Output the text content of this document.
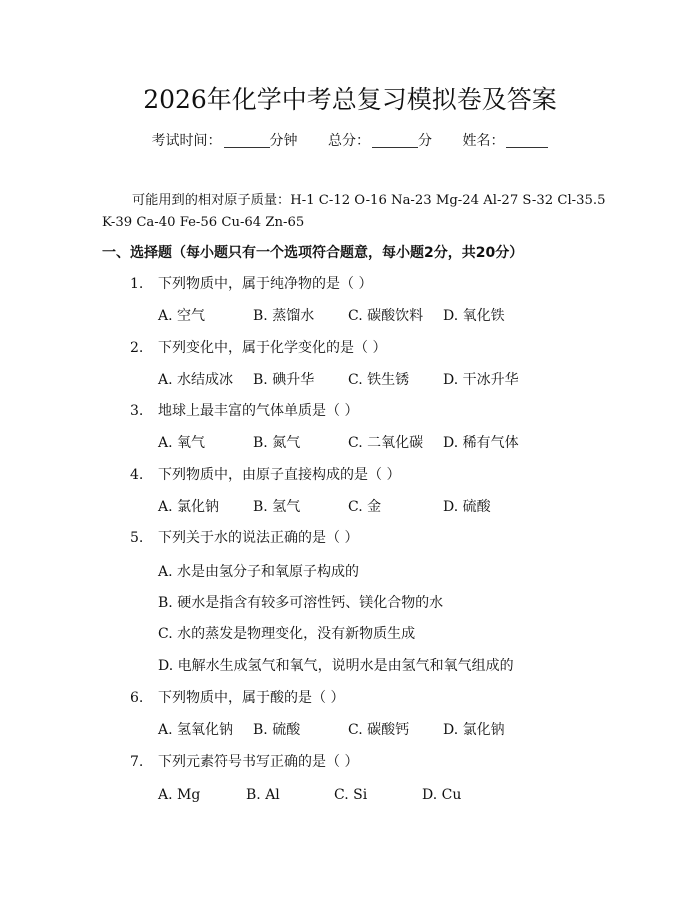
2026年化学中考总复习模拟卷及答案
考试时间：	分钟 总分：	分 姓名：
可能用到的相对原子质量：H-1 C-12 O-16 Na-23 Mg-24 Al-27 S-32 Cl-35.5 K-39 Ca-40 Fe-56 Cu-64 Zn-65
一、选择题（每小题只有一个选项符合题意，每小题2分，共20分）
1. 下列物质中，属于纯净物的是（ ）
A. 空气	B. 蒸馏水 C. 碳酸饮料 D. 氧化铁
2. 下列变化中，属于化学变化的是（ ）
A. 水结成冰 B. 碘升华 C. 铁生锈 D. 干冰升华
3. 地球上最丰富的气体单质是（ ）
A. 氧气	B. 氮气	C. 二氧化碳 D. 稀有气体
4. 下列物质中，由原子直接构成的是（ ）
A. 氯化钠 B. 氢气	C. 金	D. 硫酸
5. 下列关于水的说法正确的是（ ）
A. 水是由氢分子和氧原子构成的
B. 硬水是指含有较多可溶性钙、镁化合物的水
C. 水的蒸发是物理变化，没有新物质生成
D. 电解水生成氢气和氧气，说明水是由氢气和氧气组成的
6. 下列物质中，属于酸的是（ ）
A. 氢氧化钠 B. 硫酸	C. 碳酸钙 D. 氯化钠
7. 下列元素符号书写正确的是（ ）
A. Mg	B. Al	C. Si	D. Cu
